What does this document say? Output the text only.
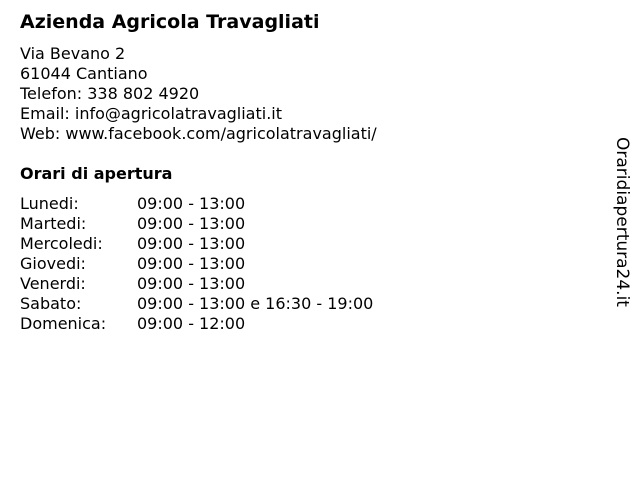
Azienda Agricola Travagliati
Via Bevano 2
61044 Cantiano
Telefon: 338 802 4920
Email: info@agricolatravagliati.it
Web: www.facebook.com/agricolatravagliati/
Orari di apertura
Lunedi:	09:00 - 13:00
Martedi:	09:00 - 13:00
Mercoledi: 09:00 - 13:00
Giovedi:	09:00 - 13:00
Venerdi:	09:00 - 13:00
Sabato:	09:00 - 13:00 e 16:30 - 19:00
Domenica: 09:00 - 12:00
Oraridiapertura24.it
